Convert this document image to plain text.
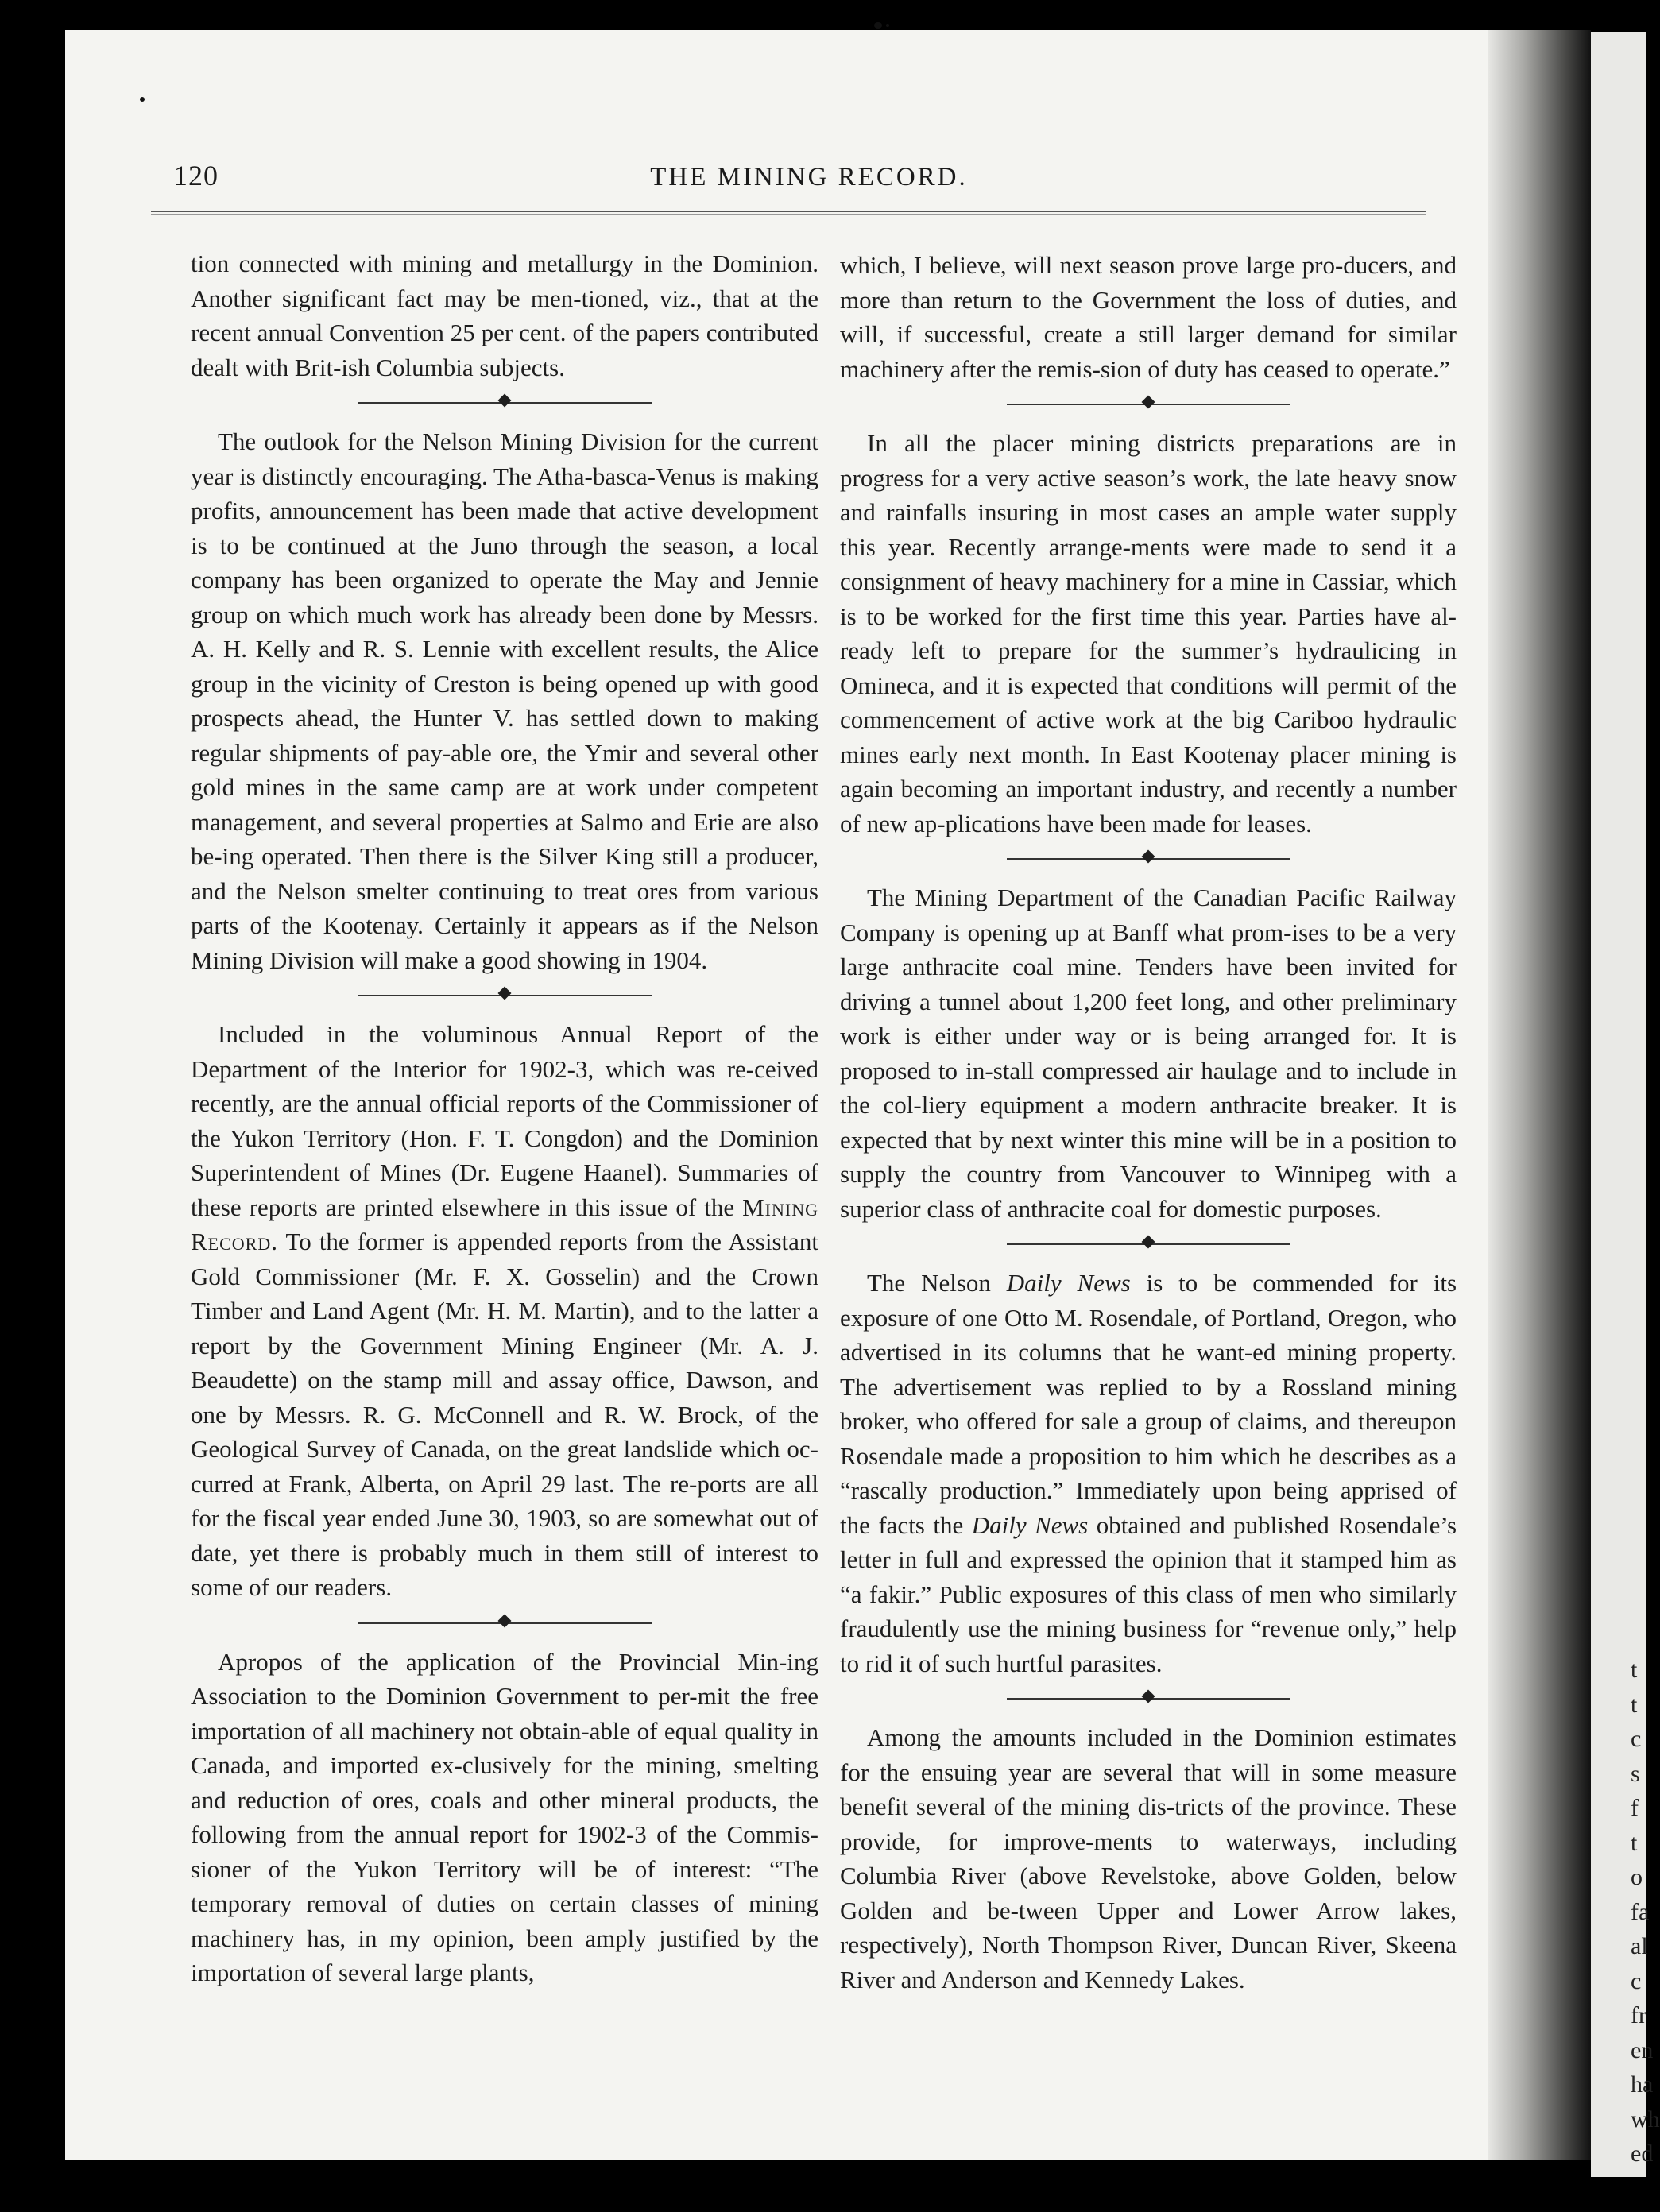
t
t
c
s
f
t
o
fa
al
c
fr
en
ha
wh
ed
120	THE MINING RECORD.

tion connected with mining and metallurgy in the Dominion. Another significant fact may be men-tioned, viz., that at the recent annual Convention 25 per cent. of the papers contributed dealt with Brit-ish Columbia subjects.

The outlook for the Nelson Mining Division for the current year is distinctly encouraging. The Atha-basca-Venus is making profits, announcement has been made that active development is to be continued at the Juno through the season, a local company has been organized to operate the May and Jennie group on which much work has already been done by Messrs. A. H. Kelly and R. S. Lennie with excellent results, the Alice group in the vicinity of Creston is being opened up with good prospects ahead, the Hunter V. has settled down to making regular shipments of pay-able ore, the Ymir and several other gold mines in the same camp are at work under competent management, and several properties at Salmo and Erie are also be-ing operated. Then there is the Silver King still a producer, and the Nelson smelter continuing to treat ores from various parts of the Kootenay. Certainly it appears as if the Nelson Mining Division will make a good showing in 1904.

Included in the voluminous Annual Report of the Department of the Interior for 1902-3, which was re-ceived recently, are the annual official reports of the Commissioner of the Yukon Territory (Hon. F. T. Congdon) and the Dominion Superintendent of Mines (Dr. Eugene Haanel). Summaries of these reports are printed elsewhere in this issue of the Mining Record. To the former is appended reports from the Assistant Gold Commissioner (Mr. F. X. Gosselin) and the Crown Timber and Land Agent (Mr. H. M. Martin), and to the latter a report by the Government Mining Engineer (Mr. A. J. Beaudette) on the stamp mill and assay office, Dawson, and one by Messrs. R. G. McConnell and R. W. Brock, of the Geological Survey of Canada, on the great landslide which oc-curred at Frank, Alberta, on April 29 last. The re-ports are all for the fiscal year ended June 30, 1903, so are somewhat out of date, yet there is probably much in them still of interest to some of our readers.

Apropos of the application of the Provincial Min-ing Association to the Dominion Government to per-mit the free importation of all machinery not obtain-able of equal quality in Canada, and imported ex-clusively for the mining, smelting and reduction of ores, coals and other mineral products, the following from the annual report for 1902-3 of the Commis-sioner of the Yukon Territory will be of interest: “The temporary removal of duties on certain classes of mining machinery has, in my opinion, been amply justified by the importation of several large plants,

which, I believe, will next season prove large pro-ducers, and more than return to the Government the loss of duties, and will, if successful, create a still larger demand for similar machinery after the remis-sion of duty has ceased to operate.”

In all the placer mining districts preparations are in progress for a very active season’s work, the late heavy snow and rainfalls insuring in most cases an ample water supply this year. Recently arrange-ments were made to send it a consignment of heavy machinery for a mine in Cassiar, which is to be worked for the first time this year. Parties have al-ready left to prepare for the summer’s hydraulicing in Omineca, and it is expected that conditions will permit of the commencement of active work at the big Cariboo hydraulic mines early next month. In East Kootenay placer mining is again becoming an important industry, and recently a number of new ap-plications have been made for leases.

The Mining Department of the Canadian Pacific Railway Company is opening up at Banff what prom-ises to be a very large anthracite coal mine. Tenders have been invited for driving a tunnel about 1,200 feet long, and other preliminary work is either under way or is being arranged for. It is proposed to in-stall compressed air haulage and to include in the col-liery equipment a modern anthracite breaker. It is expected that by next winter this mine will be in a position to supply the country from Vancouver to Winnipeg with a superior class of anthracite coal for domestic purposes.

The Nelson Daily News is to be commended for its exposure of one Otto M. Rosendale, of Portland, Oregon, who advertised in its columns that he want-ed mining property. The advertisement was replied to by a Rossland mining broker, who offered for sale a group of claims, and thereupon Rosendale made a proposition to him which he describes as a “rascally production.” Immediately upon being apprised of the facts the Daily News obtained and published Rosendale’s letter in full and expressed the opinion that it stamped him as “a fakir.” Public exposures of this class of men who similarly fraudulently use the mining business for “revenue only,” help to rid it of such hurtful parasites.

Among the amounts included in the Dominion estimates for the ensuing year are several that will in some measure benefit several of the mining dis-tricts of the province. These provide, for improve-ments to waterways, including Columbia River (above Revelstoke, above Golden, below Golden and be-tween Upper and Lower Arrow lakes, respectively), North Thompson River, Duncan River, Skeena River and Anderson and Kennedy Lakes.
